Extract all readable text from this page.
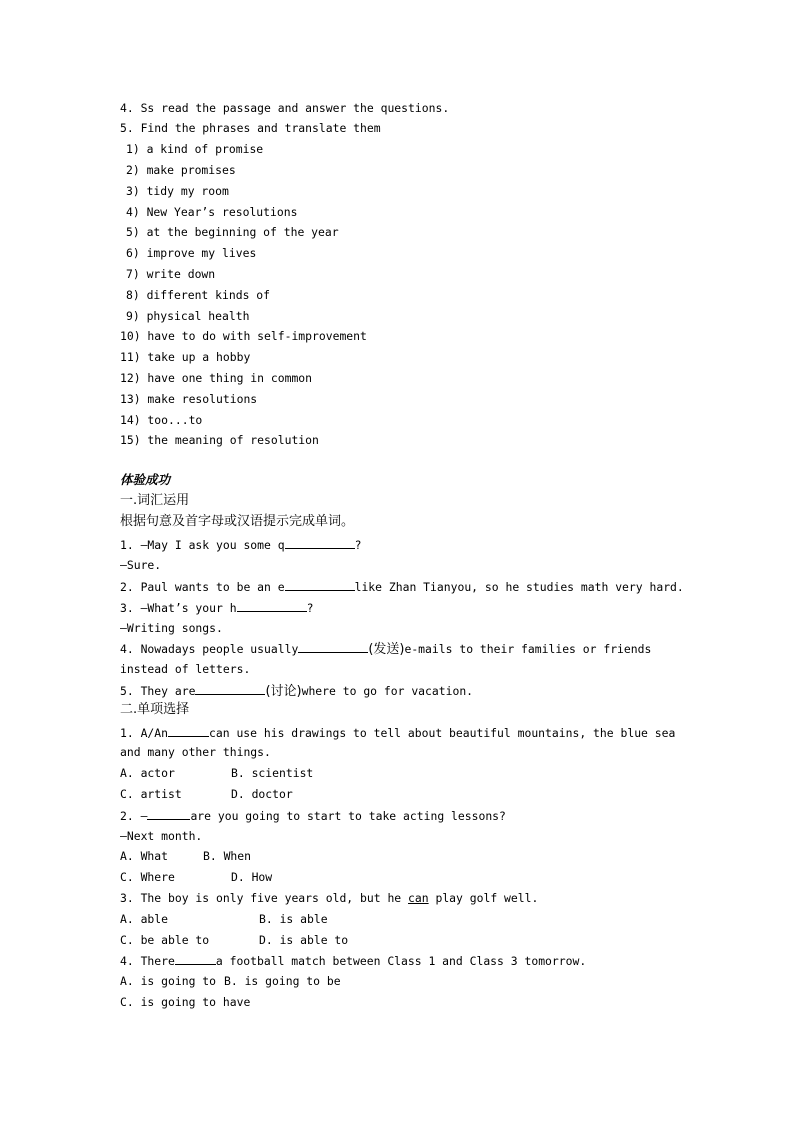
4. Ss read the passage and answer the questions.
5. Find the phrases and translate them
1) a kind of promise
2) make promises
3) tidy my room
4) New Year’s resolutions
5) at the beginning of the year
6) improve my lives
7) write down
8) different kinds of
9) physical health
10) have to do with self-improvement
11) take up a hobby
12) have one thing in common
13) make resolutions
14) too...to
15) the meaning of resolution
体验成功
一.词汇运用
根据句意及首字母或汉语提示完成单词。
1. —May I ask you some q	?
—Sure.
2. Paul wants to be an e	like Zhan Tianyou, so he studies math very hard.
3. —What’s your h	?
—Writing songs.
4. Nowadays people usually	(发送)e-mails to their families or friends
instead of letters.
5. They are	(讨论)where to go for vacation.
二.单项选择
1. A/An	can use his drawings to tell about beautiful mountains, the blue sea
and many other things.
A. actor	B. scientist
C. artist	D. doctor
2. —	are you going to start to take acting lessons?
—Next month.
A. What	B. When
C. Where	D. How
3. The boy is only five years old, but he can play golf well.
A. able	B. is able
C. be able to	D. is able to
4. There	a football match between Class 1 and Class 3 tomorrow.
A. is going to B. is going to be
C. is going to have
